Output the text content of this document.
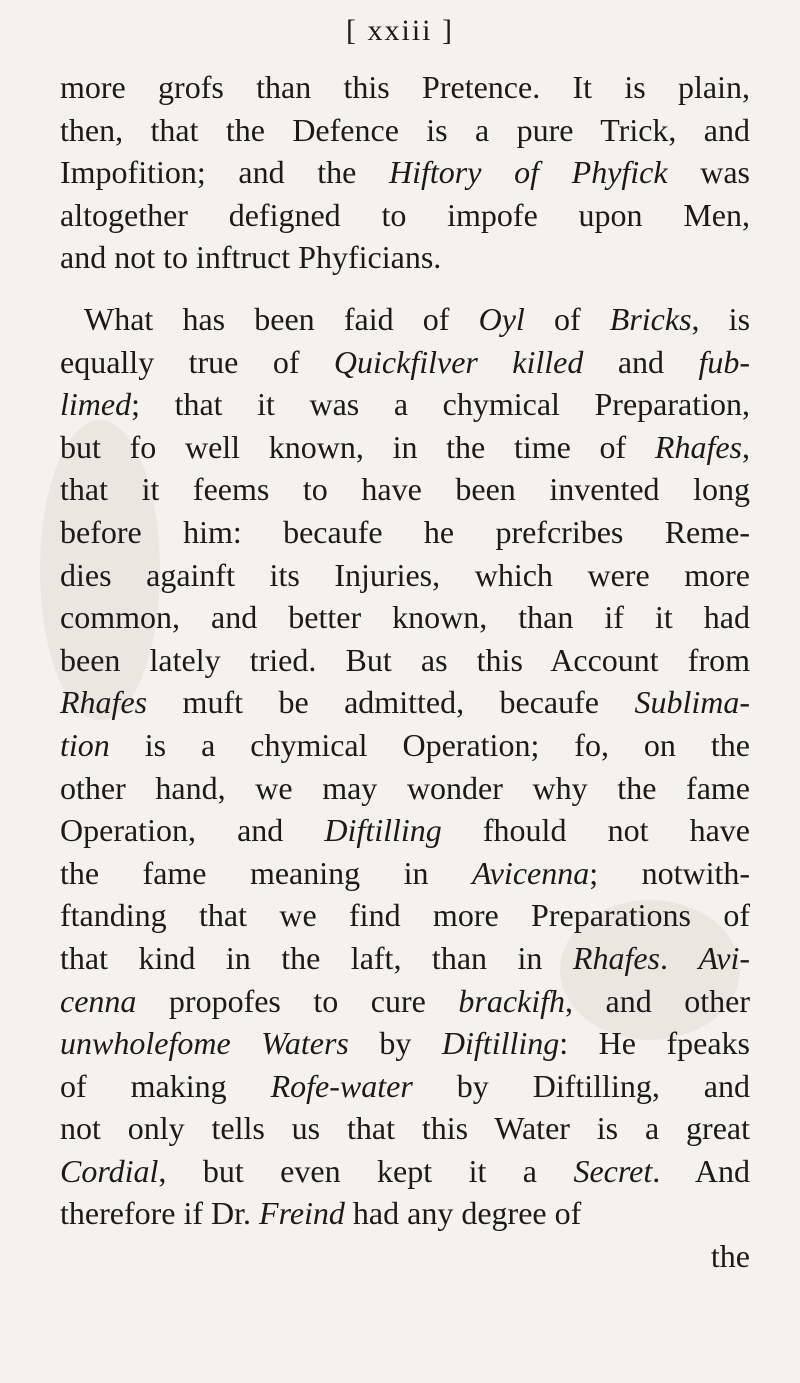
[ xxiii ]
more grofs than this Pretence. It is plain,
then, that the Defence is a pure Trick, and
Impofition; and the Hiftory of Phyfick was
altogether defigned to impofe upon Men,
and not to inftruct Phyficians.
What has been faid of Oyl of Bricks, is
equally true of Quickfilver killed and fub-
limed; that it was a chymical Preparation,
but fo well known, in the time of Rhafes,
that it feems to have been invented long
before him: becaufe he prefcribes Reme-
dies againft its Injuries, which were more
common, and better known, than if it had
been lately tried. But as this Account from
Rhafes muft be admitted, becaufe Sublima-
tion is a chymical Operation; fo, on the
other hand, we may wonder why the fame
Operation, and Diftilling fhould not have
the fame meaning in Avicenna; notwith-
ftanding that we find more Preparations of
that kind in the laft, than in Rhafes. Avi-
cenna propofes to cure brackifh, and other
unwholefome Waters by Diftilling: He fpeaks
of making Rofe-water by Diftilling, and
not only tells us that this Water is a great
Cordial, but even kept it a Secret. And
therefore if Dr. Freind had any degree of
the
